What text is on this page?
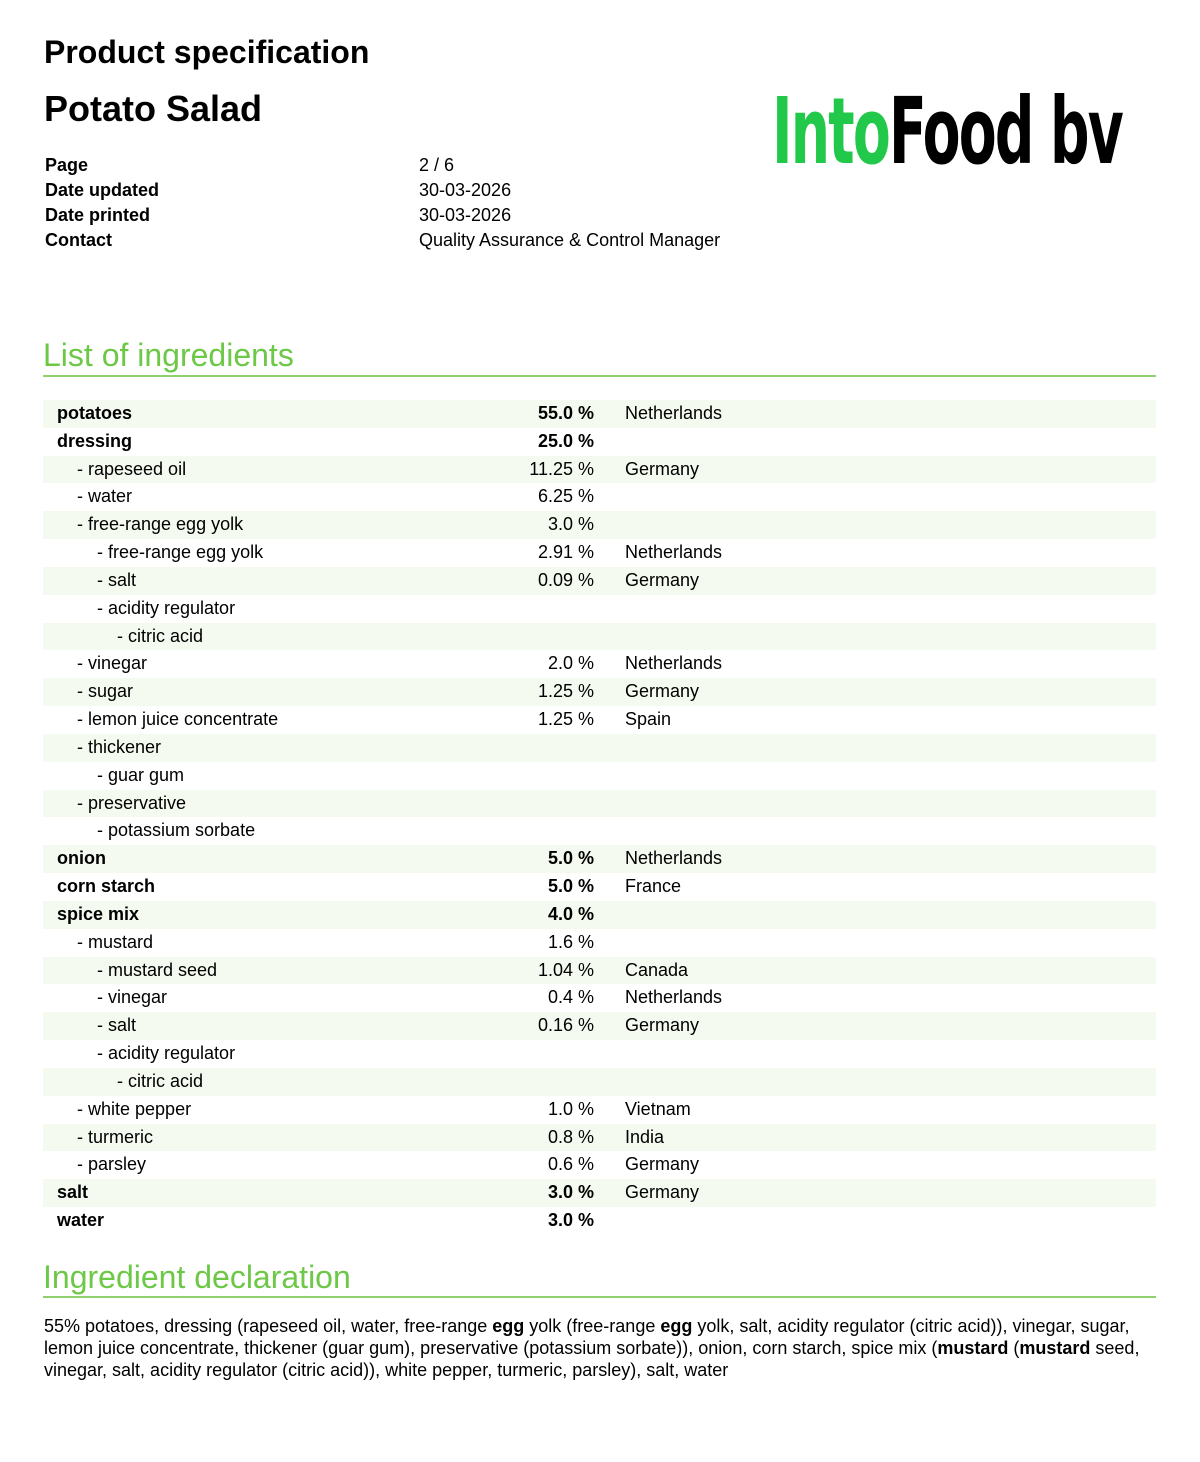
Product specification
Potato Salad	IntoFood bv
Page	2 / 6
Date updated	30-03-2026
Date printed	30-03-2026
Contact	Quality Assurance & Control Manager
List of ingredients
potatoes	55.0 % Netherlands
dressing	25.0 %
- rapeseed oil	11.25 % Germany
- water	6.25 %
- free-range egg yolk	3.0 %
- free-range egg yolk	2.91 % Netherlands
- salt	0.09 % Germany
- acidity regulator
- citric acid
- vinegar	2.0 % Netherlands
- sugar	1.25 % Germany
- lemon juice concentrate	1.25 % Spain
- thickener
- guar gum
- preservative
- potassium sorbate
onion	5.0 % Netherlands
corn starch	5.0 % France
spice mix	4.0 %
- mustard	1.6 %
- mustard seed	1.04 % Canada
- vinegar	0.4 % Netherlands
- salt	0.16 % Germany
- acidity regulator
- citric acid
- white pepper	1.0 % Vietnam
- turmeric	0.8 % India
- parsley	0.6 % Germany
salt	3.0 % Germany
water	3.0 %
Ingredient declaration

55% potatoes, dressing (rapeseed oil, water, free-range egg yolk (free-range egg yolk, salt, acidity regulator (citric acid)), vinegar, sugar, lemon juice concentrate, thickener (guar gum), preservative (potassium sorbate)), onion, corn starch, spice mix (mustard (mustard seed, vinegar, salt, acidity regulator (citric acid)), white pepper, turmeric, parsley), salt, water
